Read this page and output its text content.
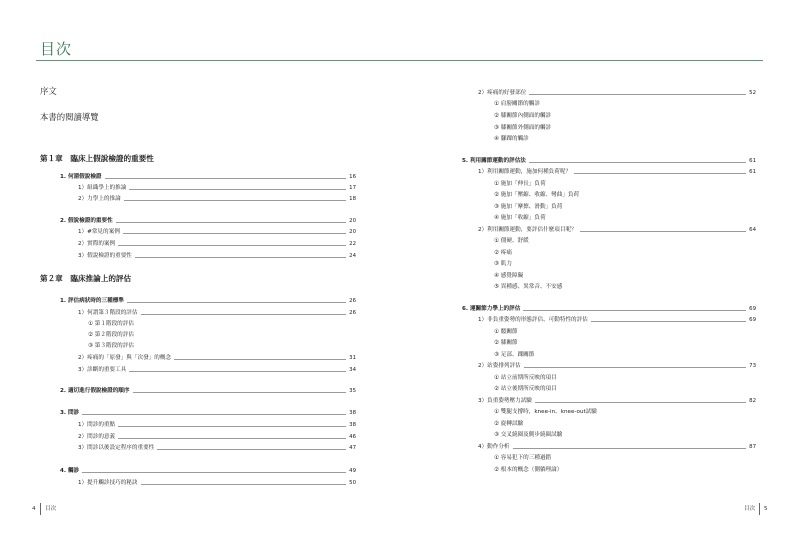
目次
序文
本書的閱讀導覽
第１章　臨床上假說檢證的重要性
1. 何謂假說檢證	16
1）組織學上的推論	17
2）力學上的推論	18
2. 假說檢證的重要性	20
1）#常見的案例	20
2）實際的案例	22
3）假說檢證的重要性	24
第２章　臨床推論上的評估
1. 評估病狀時的三種標準	26
1）何謂第３階段的評估	26
① 第１階段的評估
② 第２階段的評估
③ 第３階段的評估
2）疼痛的「原發」與「次發」的概念	31
3）診斷的重要工具	34
2. 適切進行假說檢證的順序	35
3. 問診	38
1）問診的重點	38
2）問診的意義	46
3）問診以後設定程序的重要性	47
4. 觸診	49
1）提升觸診技巧的秘訣	50
2）疼痛的好發部位	52
① 肩膀關節的觸診
② 膝關節內側面的觸診
③ 膝關節外側面的觸診
④ 腳踝的觸診
5. 利用關節運動的評估法	61
1）利用關節運動，施加何種負荷呢？	61
① 施加「伸長」負荷
② 施加「壓縮、收縮、彎曲」負荷
③ 施加「摩擦、滑動」負荷
④ 施加「收縮」負荷
2）利用關節運動，要評估什麼項目呢？	64
① 僵硬、舒緩
② 疼痛
③ 肌力
④ 感覺障礙
⑤ 異種感、異常音、不安感
6. 運關節力學上的評估	69
1）非負重姿勢的形態評估、可動特性的評估	69
① 髖關節
② 膝關節
③ 足部、踝關節
2）站姿排列評估	73
① 站立前期所反映的項目
② 站立後期所反映的項目
3）負重姿勢壓力試驗	82
① 雙腿支撐時，knee-in、knee-out試驗
② 旋轉試驗
③ 交叉繞圈及側步繞圈試驗
4）動作分析	87
① 容易犯下的三種過錯
② 根本的概念（側躺理論）
4 目次	目次 5
